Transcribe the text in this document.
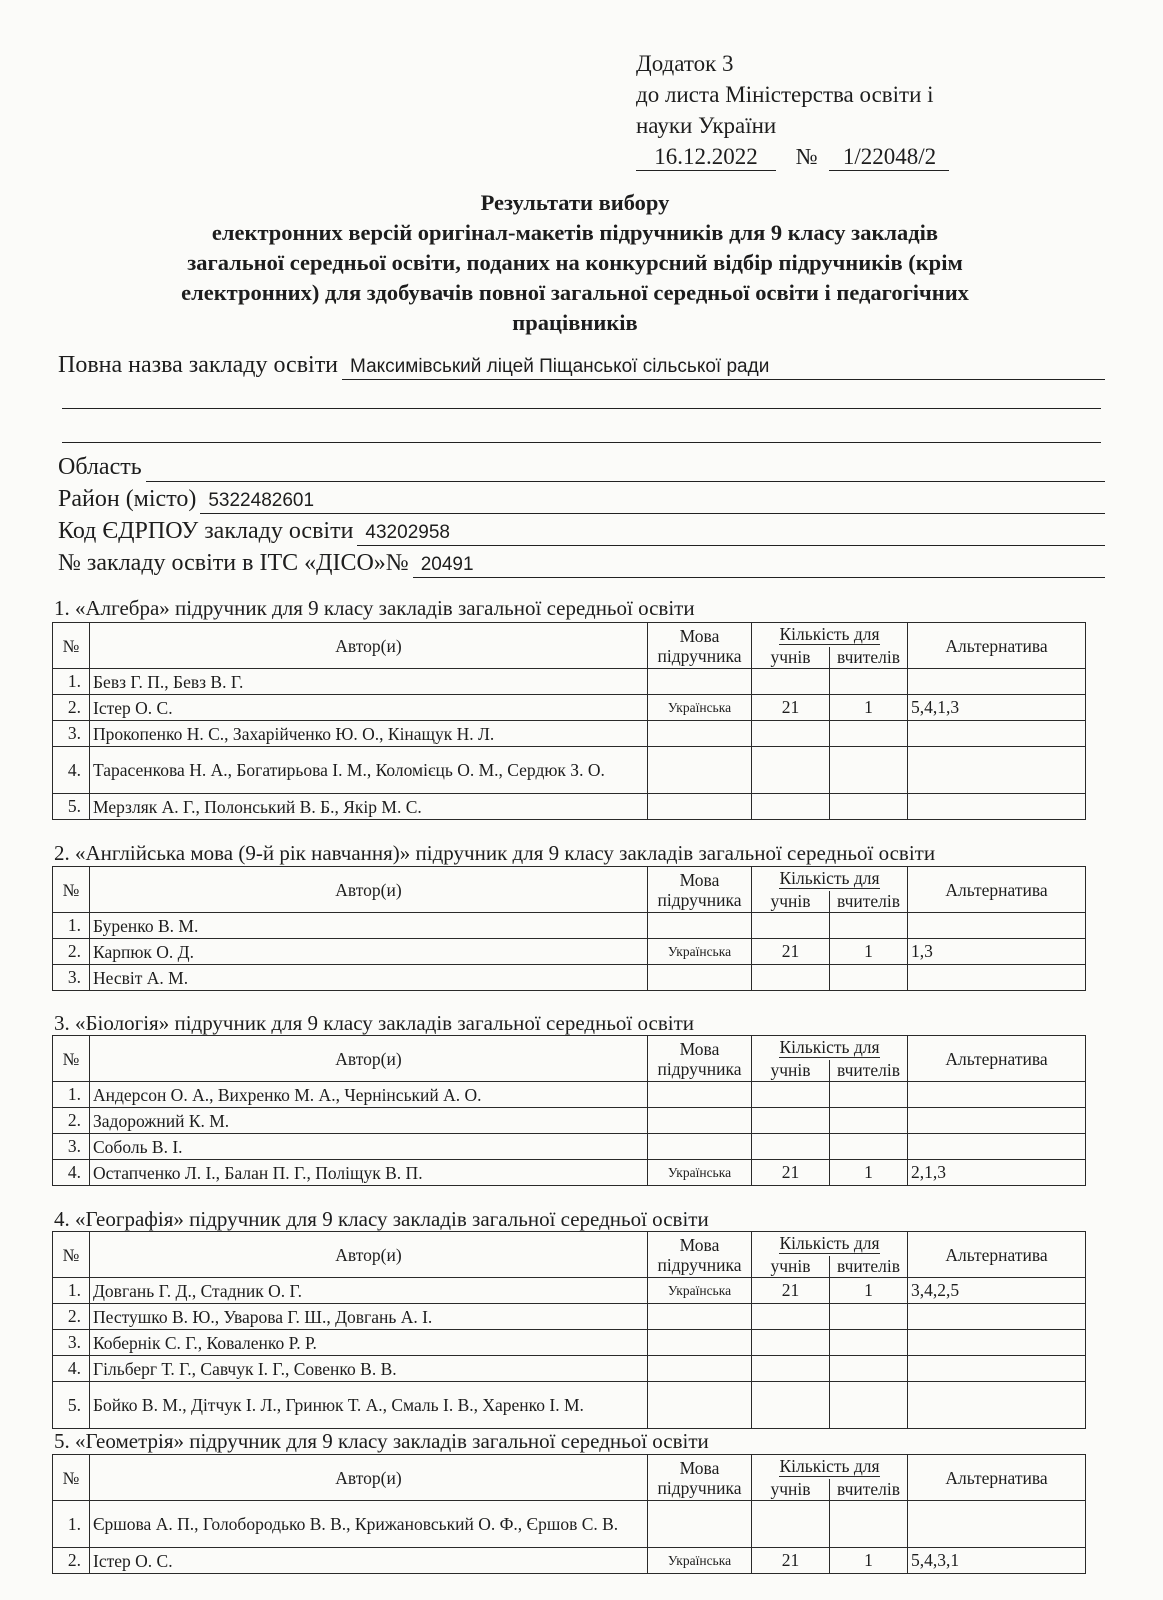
Додаток 3
до листа Міністерства освіти і
науки України
16.12.2022 № 1/22048/2
Результати вибору
електронних версій оригінал-макетів підручників для 9 класу закладів
загальної середньої освіти, поданих на конкурсний відбір підручників (крім
електронних) для здобувачів повної загальної середньої освіти і педагогічних
працівників
Повна назва закладу освіти Максимівський ліцей Піщанської сільської ради
Область
Район (місто) 5322482601
Код ЄДРПОУ закладу освіти 43202958
№ закладу освіти в ІТС «ДІСО»№ 20491
1. «Алгебра» підручник для 9 класу закладів загальної середньої освіти
№	Автор(и)	Мова
підручника	Кількість для		Альтернатива
			учнів	вчителів	
1.	Бевз Г. П., Бевз В. Г.				
2.	Істер О. С.	Українська	21	1	5,4,1,3
3.	Прокопенко Н. С., Захарійченко Ю. О., Кінащук Н. Л.				
4.	Тарасенкова Н. А., Богатирьова І. М., Коломієць О. М., Сердюк З. О.				
5.	Мерзляк А. Г., Полонський В. Б., Якір М. С.				
2. «Англійська мова (9-й рік навчання)» підручник для 9 класу закладів загальної середньої освіти
№	Автор(и)	Мова
підручника	Кількість для		Альтернатива
			учнів	вчителів	
1.	Буренко В. М.				
2.	Карпюк О. Д.	Українська	21	1	1,3
3.	Несвіт А. М.				
3. «Біологія» підручник для 9 класу закладів загальної середньої освіти
№	Автор(и)	Мова
підручника	Кількість для		Альтернатива
			учнів	вчителів	
1.	Андерсон О. А., Вихренко М. А., Чернінський А. О.				
2.	Задорожний К. М.				
3.	Соболь В. І.				
4.	Остапченко Л. І., Балан П. Г., Поліщук В. П.	Українська	21	1	2,1,3
4. «Географія» підручник для 9 класу закладів загальної середньої освіти
№	Автор(и)	Мова
підручника	Кількість для		Альтернатива
			учнів	вчителів	
1.	Довгань Г. Д., Стадник О. Г.	Українська	21	1	3,4,2,5
2.	Пестушко В. Ю., Уварова Г. Ш., Довгань А. І.				
3.	Кобернік С. Г., Коваленко Р. Р.				
4.	Гільберг Т. Г., Савчук І. Г., Совенко В. В.				
5.	Бойко В. М., Дітчук І. Л., Гринюк Т. А., Смаль І. В., Харенко І. М.				
5. «Геометрія» підручник для 9 класу закладів загальної середньої освіти
№	Автор(и)	Мова
підручника	Кількість для		Альтернатива
			учнів	вчителів	
1.	Єршова А. П., Голобородько В. В., Крижановський О. Ф., Єршов С. В.				
2.	Істер О. С.	Українська	21	1	5,4,3,1
